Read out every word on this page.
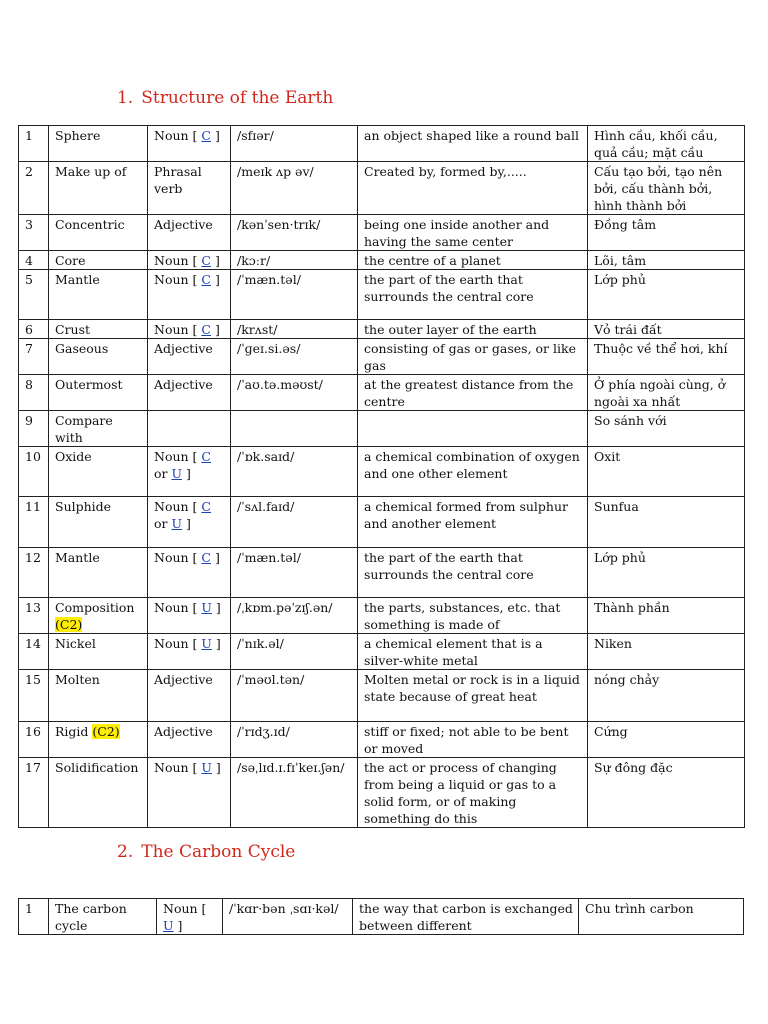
1. Structure of the Earth
1	Sphere	Noun [ C ]	/sfɪər/	an object shaped like a round ball	Hình cầu, khối cầu, quả cầu; mặt cầu
2	Make up of	Phrasal verb	/meɪk ʌp əv/	Created by, formed by,.....	Cấu tạo bởi, tạo nên bởi, cấu thành bởi, hình thành bởi
3	Concentric	Adjective	/kənˈsen·trɪk/	being one inside another and having the same center	Đồng tâm
4	Core	Noun [ C ]	/kɔːr/	the centre of a planet	Lõi, tâm
5	Mantle	Noun [ C ]	/ˈmæn.təl/	the part of the earth that surrounds the central core	Lớp phủ
6	Crust	Noun [ C ]	/krʌst/	the outer layer of the earth	Vỏ trái đất
7	Gaseous	Adjective	/ˈɡeɪ.si.əs/	consisting of gas or gases, or like gas	Thuộc về thể hơi, khí
8	Outermost	Adjective	/ˈaʊ.tə.məʊst/	at the greatest distance from the centre	Ở phía ngoài cùng, ở ngoài xa nhất
9	Compare with				So sánh với
10	Oxide	Noun [ C or U ]	/ˈɒk.saɪd/	a chemical combination of oxygen and one other element	Oxit
11	Sulphide	Noun [ C or U ]	/ˈsʌl.faɪd/	a chemical formed from sulphur and another element	Sunfua
12	Mantle	Noun [ C ]	/ˈmæn.təl/	the part of the earth that surrounds the central core	Lớp phủ
13	Composition (C2)	Noun [ U ]	/ˌkɒm.pəˈzɪʃ.ən/	the parts, substances, etc. that something is made of	Thành phần
14	Nickel	Noun [ U ]	/ˈnɪk.əl/	a chemical element that is a silver-white metal	Niken
15	Molten	Adjective	/ˈməʊl.tən/	Molten metal or rock is in a liquid state because of great heat	nóng chảy
16	Rigid (C2)	Adjective	/ˈrɪdʒ.ɪd/	stiff or fixed; not able to be bent or moved	Cứng
17	Solidification	Noun [ U ]	/səˌlɪd.ɪ.fɪˈkeɪ.ʃən/	the act or process of changing from being a liquid or gas to a solid form, or of making something do this	Sự đông đặc
2. The Carbon Cycle
1	The carbon cycle	Noun [ U ]	/ˈkɑr·bən ˌsɑɪ·kəl/	the way that carbon is exchanged between different	Chu trình carbon
